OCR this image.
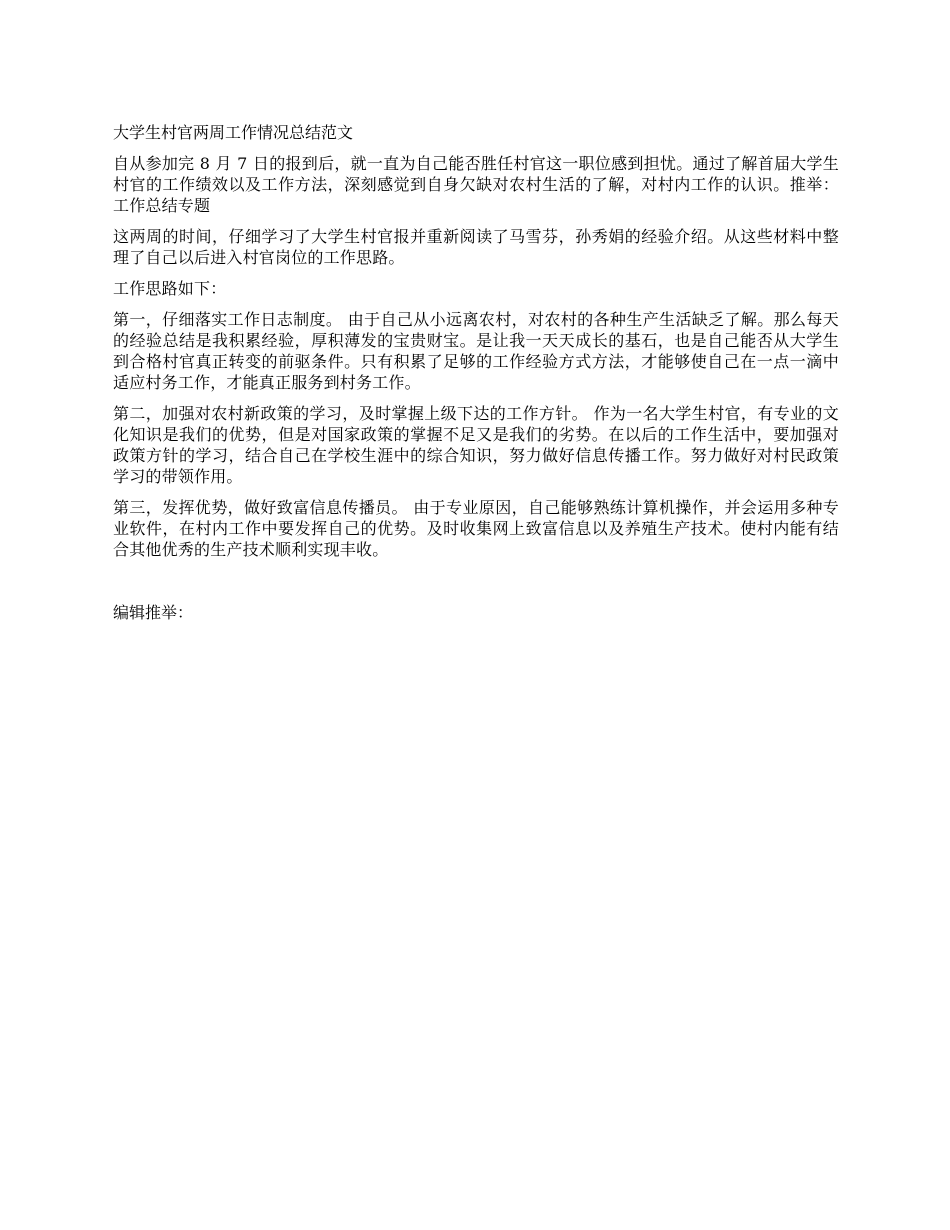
大学生村官两周工作情况总结范文

自从参加完 8 月 7 日的报到后，就一直为自己能否胜任村官这一职位感到担忧。通过了解首届大学生村官的工作绩效以及工作方法，深刻感觉到自身欠缺对农村生活的了解，对村内工作的认识。推举：工作总结专题

这两周的时间，仔细学习了大学生村官报并重新阅读了马雪芬，孙秀娟的经验介绍。从这些材料中整理了自己以后进入村官岗位的工作思路。

工作思路如下：

第一，仔细落实工作日志制度。 由于自己从小远离农村，对农村的各种生产生活缺乏了解。那么每天的经验总结是我积累经验，厚积薄发的宝贵财宝。是让我一天天成长的基石，也是自己能否从大学生到合格村官真正转变的前驱条件。只有积累了足够的工作经验方式方法，才能够使自己在一点一滴中适应村务工作，才能真正服务到村务工作。

第二，加强对农村新政策的学习，及时掌握上级下达的工作方针。 作为一名大学生村官，有专业的文化知识是我们的优势，但是对国家政策的掌握不足又是我们的劣势。在以后的工作生活中，要加强对政策方针的学习，结合自己在学校生涯中的综合知识，努力做好信息传播工作。努力做好对村民政策学习的带领作用。

第三，发挥优势，做好致富信息传播员。 由于专业原因，自己能够熟练计算机操作，并会运用多种专业软件，在村内工作中要发挥自己的优势。及时收集网上致富信息以及养殖生产技术。使村内能有结合其他优秀的生产技术顺利实现丰收。

编辑推举：
